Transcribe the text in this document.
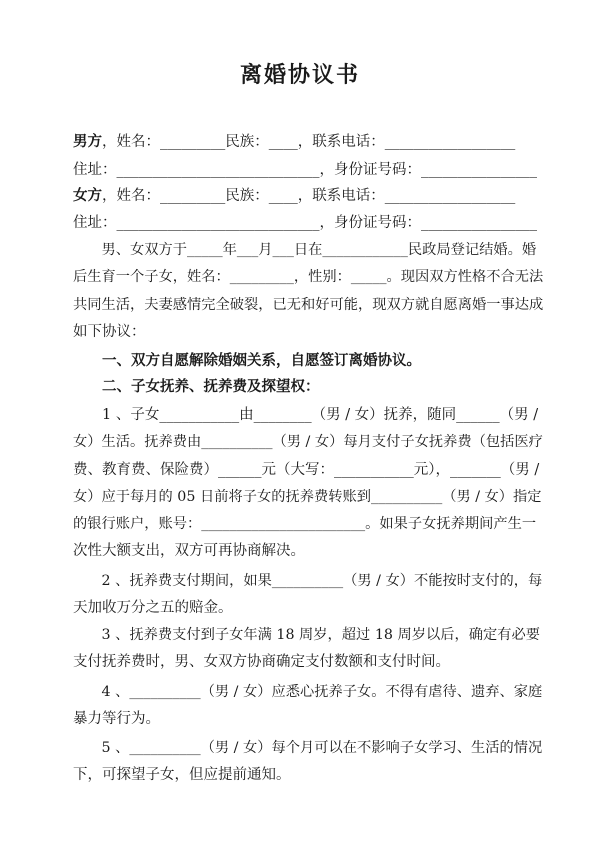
离婚协议书
男方，姓名：_________民族：____，联系电话：__________________
住址：____________________________，身份证号码：________________
女方，姓名：_________民族：____，联系电话：__________________
住址：____________________________，身份证号码：________________
　　男、女双方于_____年___月___日在____________民政局登记结婚。婚
后生育一个子女，姓名：_________，性别：_____。现因双方性格不合无法
共同生活，夫妻感情完全破裂，已无和好可能，现双方就自愿离婚一事达成
如下协议：
　　一、双方自愿解除婚姻关系，自愿签订离婚协议。
　　二、子女抚养、抚养费及探望权：
　　1 、子女___________由________（男 / 女）抚养，随同______（男 /
女）生活。抚养费由__________（男 / 女）每月支付子女抚养费（包括医疗
费、教育费、保险费）______元（大写：___________元），_______（男 /
女）应于每月的 05 日前将子女的抚养费转账到__________（男 / 女）指定
的银行账户，账号：_______________________。如果子女抚养期间产生一
次性大额支出，双方可再协商解决。
　　2 、抚养费支付期间，如果__________（男 / 女）不能按时支付的，每
天加收万分之五的赔金。
　　3 、抚养费支付到子女年满 18 周岁，超过 18 周岁以后，确定有必要
支付抚养费时，男、女双方协商确定支付数额和支付时间。
　　4 、__________（男 / 女）应悉心抚养子女。不得有虐待、遗弃、家庭
暴力等行为。
　　5 、__________（男 / 女）每个月可以在不影响子女学习、生活的情况
下，可探望子女，但应提前通知。
